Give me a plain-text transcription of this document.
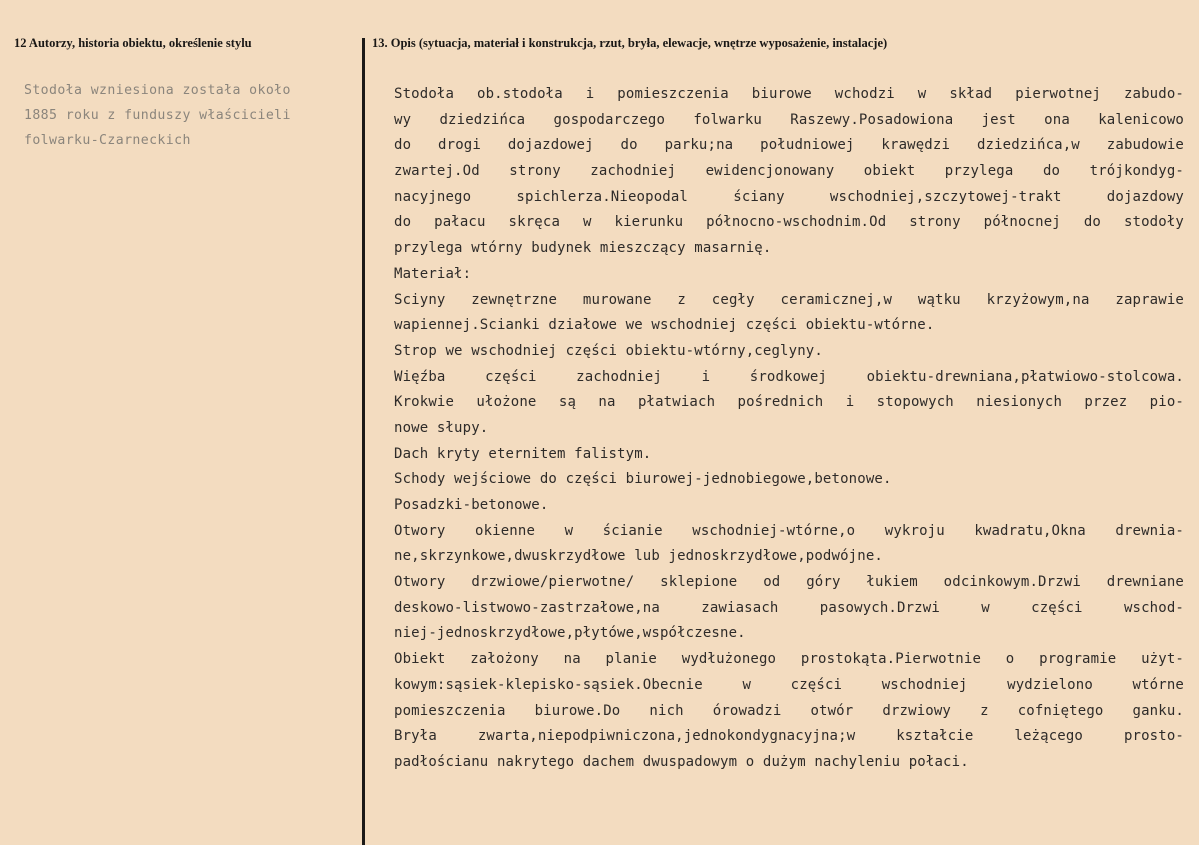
12 Autorzy, historia obiektu, określenie stylu	13. Opis (sytuacja, materiał i konstrukcja, rzut, bryła, elewacje, wnętrze wyposażenie, instalacje)
Stodoła wzniesiona została około
1885 roku z funduszy właścicieli
folwarku-Czarneckich
Stodoła ob.stodoła i pomieszczenia biurowe wchodzi w skład pierwotnej zabudo-
wy dziedzińca gospodarczego folwarku Raszewy.Posadowiona jest ona kalenicowo
do drogi dojazdowej do parku;na południowej krawędzi dziedzińca,w zabudowie
zwartej.Od strony zachodniej ewidencjonowany obiekt przylega do trójkondyg-
nacyjnego spichlerza.Nieopodal ściany wschodniej,szczytowej-trakt dojazdowy
do pałacu skręca w kierunku północno-wschodnim.Od strony północnej do stodoły
przylega wtórny budynek mieszczący masarnię.
Materiał:
Sciyny zewnętrzne murowane z cegły ceramicznej,w wątku krzyżowym,na zaprawie
wapiennej.Scianki działowe we wschodniej części obiektu-wtórne.
Strop we wschodniej części obiektu-wtórny,ceglyny.
Więźba części zachodniej i środkowej obiektu-drewniana,płatwiowo-stolcowa.
Krokwie ułożone są na płatwiach pośrednich i stopowych niesionych przez pio-
nowe słupy.
Dach kryty eternitem falistym.
Schody wejściowe do części biurowej-jednobiegowe,betonowe.
Posadzki-betonowe.
Otwory okienne w ścianie wschodniej-wtórne,o wykroju kwadratu,Okna drewnia-
ne,skrzynkowe,dwuskrzydłowe lub jednoskrzydłowe,podwójne.
Otwory drzwiowe/pierwotne/ sklepione od góry łukiem odcinkowym.Drzwi drewniane
deskowo-listwowo-zastrzałowe,na zawiasach pasowych.Drzwi w części wschod-
niej-jednoskrzydłowe,płytówe,współczesne.
Obiekt założony na planie wydłużonego prostokąta.Pierwotnie o programie użyt-
kowym:sąsiek-klepisko-sąsiek.Obecnie w części wschodniej wydzielono wtórne
pomieszczenia biurowe.Do nich órowadzi otwór drzwiowy z cofniętego ganku.
Bryła zwarta,niepodpiwniczona,jednokondygnacyjna;w kształcie leżącego prosto-
padłościanu nakrytego dachem dwuspadowym o dużym nachyleniu połaci.
